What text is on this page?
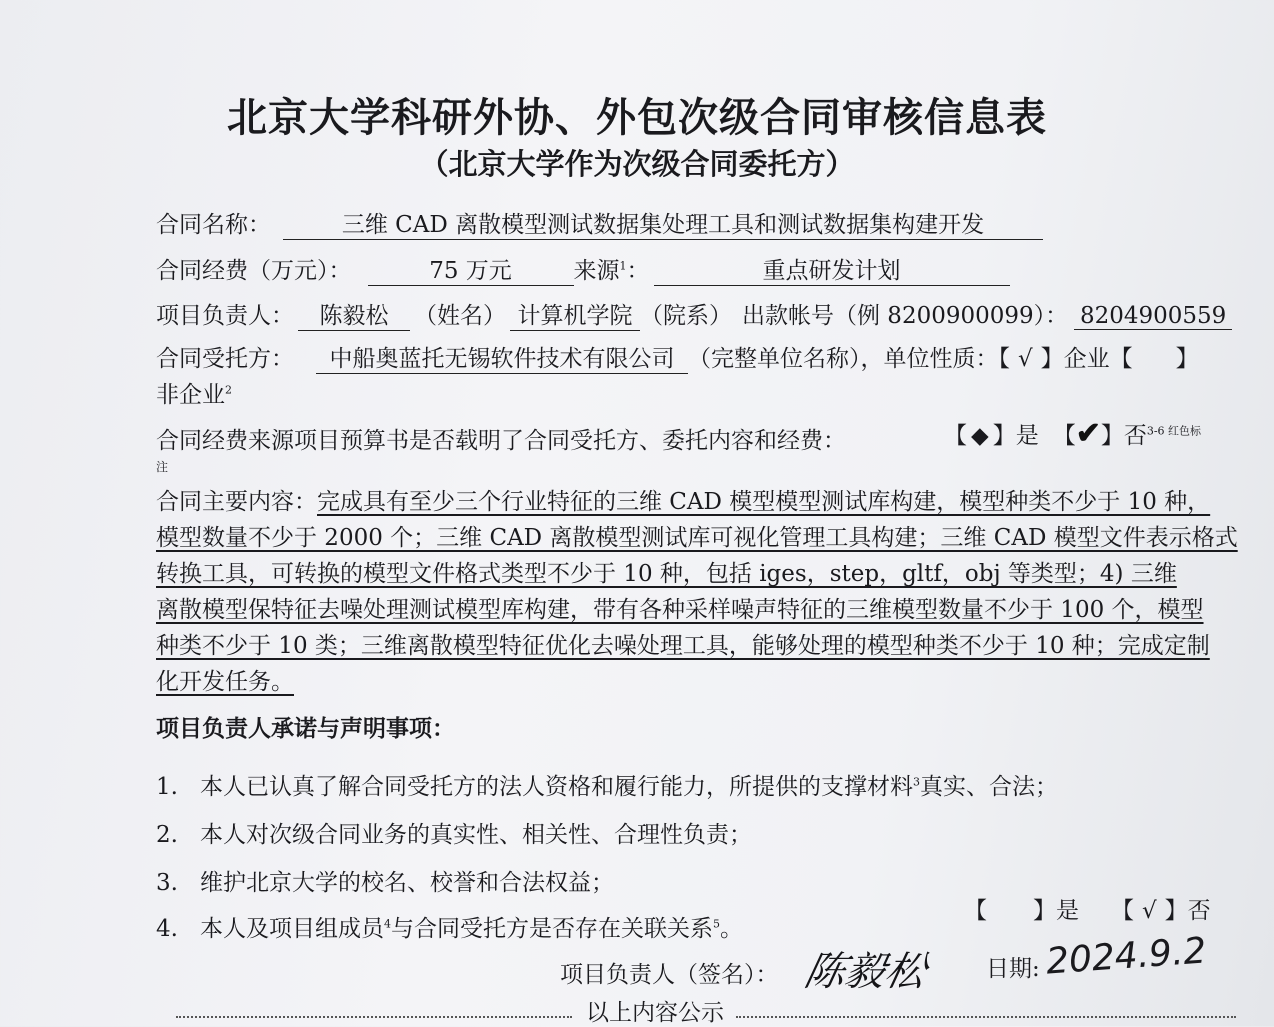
北京大学科研外协、外包次级合同审核信息表
（北京大学作为次级合同委托方）
合同名称：	三维 CAD 离散模型测试数据集处理工具和测试数据集构建开发
合同经费（万元）：	75 万元	来源$^1$：	重点研发计划
项目负责人： 陈毅松 （姓名） 计算机学院 （院系） 出款帐号（例 8200900099）： 8204900559
合同受托方： 中船奥蓝托无锡软件技术有限公司 （完整单位名称），单位性质：【 √ 】企业【　 】
非企业$^2$
合同经费来源项目预算书是否载明了合同受托方、委托内容和经费：	【 ◆ 】是 【✔】否$^{3-6 红色标}$
注
合同主要内容：完成具有至少三个行业特征的三维 CAD 模型模型测试库构建，模型种类不少于 10 种，
模型数量不少于 2000 个；三维 CAD 离散模型测试库可视化管理工具构建；三维 CAD 模型文件表示格式
转换工具，可转换的模型文件格式类型不少于 10 种，包括 iges，step，gltf，obj 等类型；4) 三维
离散模型保特征去噪处理测试模型库构建，带有各种采样噪声特征的三维模型数量不少于 100 个，模型
种类不少于 10 类；三维离散模型特征优化去噪处理工具，能够处理的模型种类不少于 10 种；完成定制
化开发任务。
项目负责人承诺与声明事项：
1. 本人已认真了解合同受托方的法人资格和履行能力，所提供的支撑材料$^3$真实、合法；
2. 本人对次级合同业务的真实性、相关性、合理性负责；
3. 维护北京大学的校名、校誉和合法权益；
4. 本人及项目组成员$^4$与合同受托方是否存在关联关系$^5$。
【　　】是 【 √ 】否
项目负责人（签名）： 陈毅松 日期: 2024.9.2
以上内容公示
